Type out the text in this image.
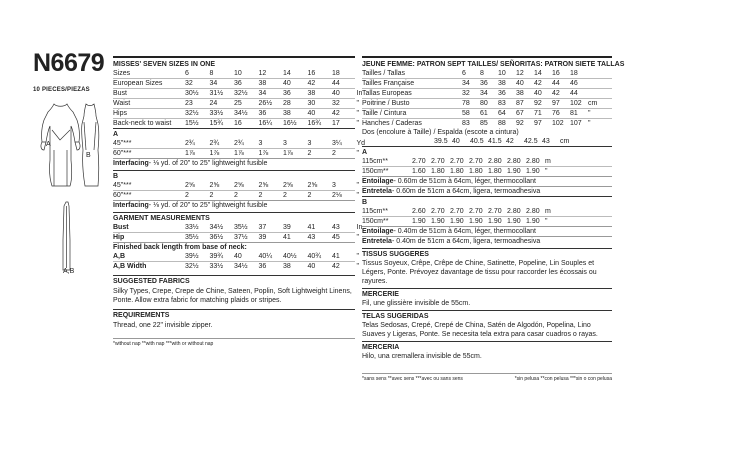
N6679
10 PIECES/PIEZAS
A
B
A,B
MISSES' SEVEN SIZES IN ONE
Sizes	6	8	10	12	14	16	18
European Sizes	32	34	36	38	40	42	44
Bust	30½	31½	32½	34	36	38	40	In
Waist	23	24	25	26½	28	30	32	"
Hips	32½	33½	34½	36	38	40	42	"
Back-neck to waist	15½	15¾	16	16¼	16½	16¾	17	"
A
45"***	2¾	2¾	2¾	3	3	3	3¼	Yd
60"***	1⅞	1⅞	1⅞	1⅞	1⅞	2	2	"
Interfacing - ⅛ yd. of 20" to 25" lightweight fusible
B
45"***	2⅝	2⅝	2⅝	2⅝	2⅝	2⅝	3	"
60"***	2	2	2	2	2	2	2⅛	"
Interfacing - ⅛ yd. of 20" to 25" lightweight fusible
GARMENT MEASUREMENTS
Bust	33½	34½	35½	37	39	41	43	In
Hip	35½	36½	37½	39	41	43	45	"
Finished back length from base of neck:
A,B	39½	39¾	40	40¼	40½	40¾	41	"
A,B Width	32½	33½	34½	36	38	40	42	"
SUGGESTED FABRICS
Silky Types, Crepe, Crepe de Chine, Sateen, Poplin, Soft Lightweight Linens, Ponte. Allow extra fabric for matching plaids or stripes.
REQUIREMENTS
Thread, one 22" invisible zipper.
*without nap **with nap ***with or without nap
JEUNE FEMME: PATRON SEPT TAILLES/ SEÑORITAS: PATRON SIETE TALLAS
Tailles / Tallas	6	8	10	12	14	16	18
Tailles Française	34	36	38	40	42	44	46
Tallas Europeas	32	34	36	38	40	42	44
Poitrine / Busto	78	80	83	87	92	97	102 cm
Taille / Cintura	58	61	64	67	71	76	81	"
Hanches / Caderas	83	85	88	92	97	102 107 "
Dos (encolure à Taille) / Espalda (escote a cintura)
39.5 40	40.5 41.5 42	42.5 43	cm
A
115cm**	2.70 2.70 2.70 2.70 2.80 2.80 2.80 m
150cm**	1.60 1.80 1.80 1.80 1.80 1.90 1.90 "
Entoilage - 0.60m de 51cm à 64cm, léger, thermocollant
Entretela - 0.60m de 51cm a 64cm, ligera, termoadhesiva
B
115cm**	2.60 2.70 2.70 2.70 2.70 2.80 2.80 m
150cm**	1.90 1.90 1.90 1.90 1.90 1.90 1.90 "
Entoilage - 0.40m de 51cm à 64cm, léger, thermocollant
Entretela - 0.40m de 51cm a 64cm, ligera, termoadhesiva
TISSUS SUGGERES
Tissus Soyeux, Crêpe, Crêpe de Chine, Satinette, Popeline, Lin Souples et Légers, Ponte. Prévoyez davantage de tissu pour raccorder les écossais ou rayures.
MERCERIE
Fil, une glissière invisible de 55cm.
TELAS SUGERIDAS
Telas Sedosas, Crepé, Crepé de China, Satén de Algodón, Popelina, Lino Suaves y Ligeras, Ponte. Se necesita tela extra para casar cuadros o rayas.
MERCERIA
Hilo, una cremallera invisible de 55cm.
*sans sens **avec sens ***avec ou sans sens	*sin pelusa **con pelusa ***sin o con pelusa
